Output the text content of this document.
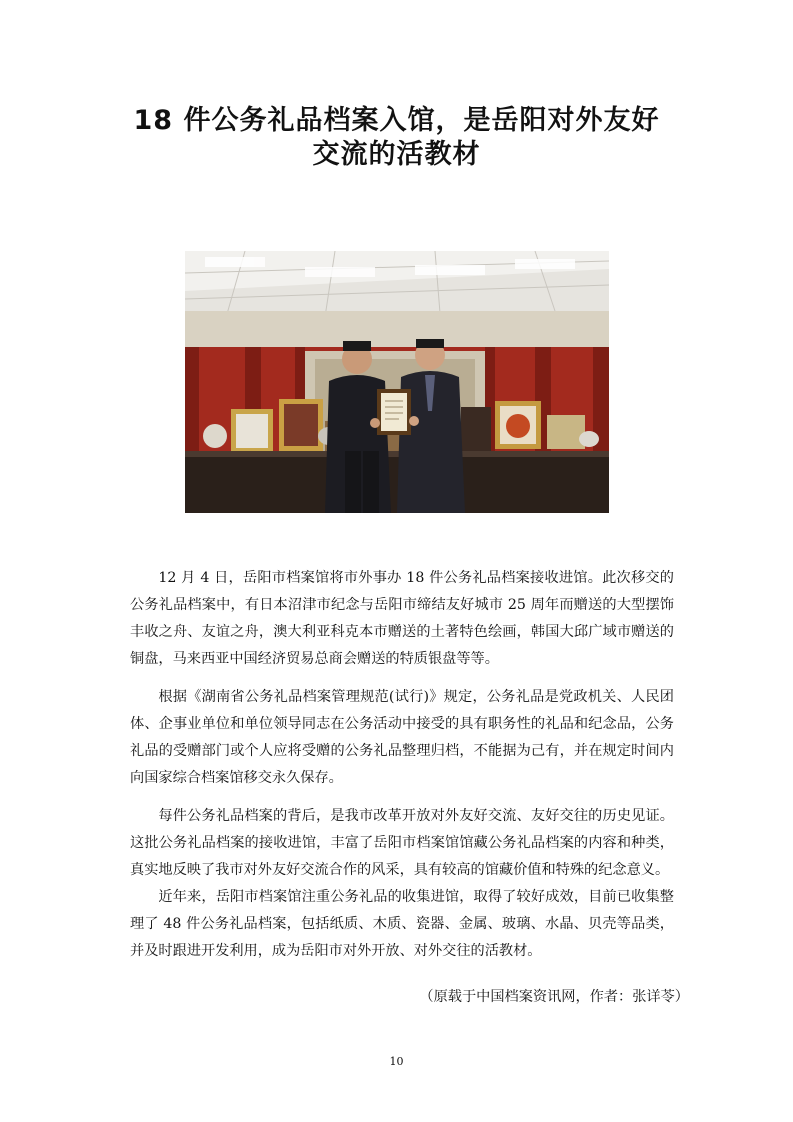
18 件公务礼品档案入馆，是岳阳对外友好
交流的活教材

12 月 4 日，岳阳市档案馆将市外事办 18 件公务礼品档案接收进馆。此次移交的公务礼品档案中，有日本沼津市纪念与岳阳市缔结友好城市 25 周年而赠送的大型摆饰丰收之舟、友谊之舟，澳大利亚科克本市赠送的土著特色绘画，韩国大邱广域市赠送的铜盘，马来西亚中国经济贸易总商会赠送的特质银盘等等。

根据《湖南省公务礼品档案管理规范(试行)》规定，公务礼品是党政机关、人民团体、企事业单位和单位领导同志在公务活动中接受的具有职务性的礼品和纪念品，公务礼品的受赠部门或个人应将受赠的公务礼品整理归档，不能据为己有，并在规定时间内向国家综合档案馆移交永久保存。

每件公务礼品档案的背后，是我市改革开放对外友好交流、友好交往的历史见证。这批公务礼品档案的接收进馆，丰富了岳阳市档案馆馆藏公务礼品档案的内容和种类，真实地反映了我市对外友好交流合作的风采，具有较高的馆藏价值和特殊的纪念意义。

近年来，岳阳市档案馆注重公务礼品的收集进馆，取得了较好成效，目前已收集整理了 48 件公务礼品档案，包括纸质、木质、瓷器、金属、玻璃、水晶、贝壳等品类，并及时跟进开发利用，成为岳阳市对外开放、对外交往的活教材。

（原载于中国档案资讯网，作者：张详苓）
10
